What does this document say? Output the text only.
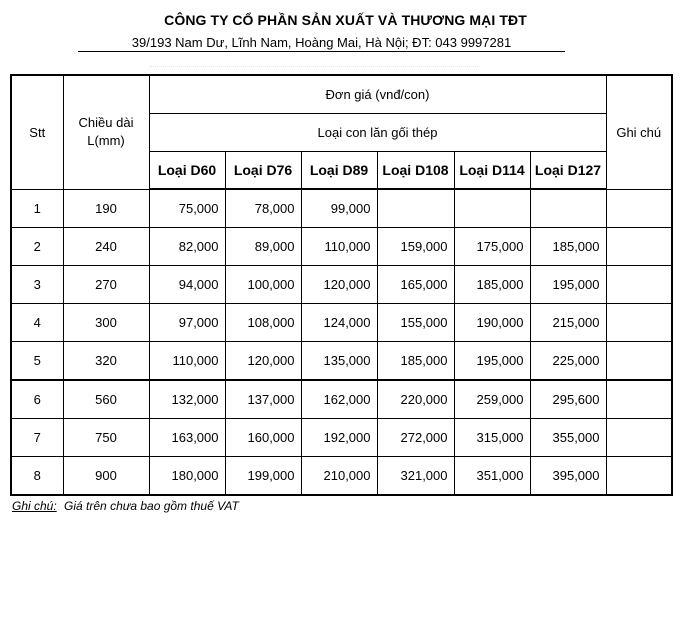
CÔNG TY CỔ PHẦN SẢN XUẤT VÀ THƯƠNG MẠI TĐT
39/193 Nam Dư, Lĩnh Nam, Hoàng Mai, Hà Nội; ĐT: 043 9997281
Stt	Chiều dài L(mm)	Đơn giá (vnđ/con)						Ghi chú
		Loại con lăn gối thép						
		Loại D60	Loại D76	Loại D89	Loại D108	Loại D114	Loại D127	
1	190	75,000	78,000	99,000				
2	240	82,000	89,000	110,000	159,000	175,000	185,000	
3	270	94,000	100,000	120,000	165,000	185,000	195,000	
4	300	97,000	108,000	124,000	155,000	190,000	215,000	
5	320	110,000	120,000	135,000	185,000	195,000	225,000	
6	560	132,000	137,000	162,000	220,000	259,000	295,600	
7	750	163,000	160,000	192,000	272,000	315,000	355,000	
8	900	180,000	199,000	210,000	321,000	351,000	395,000	
Ghi chú: Giá trên chưa bao gồm thuế VAT
